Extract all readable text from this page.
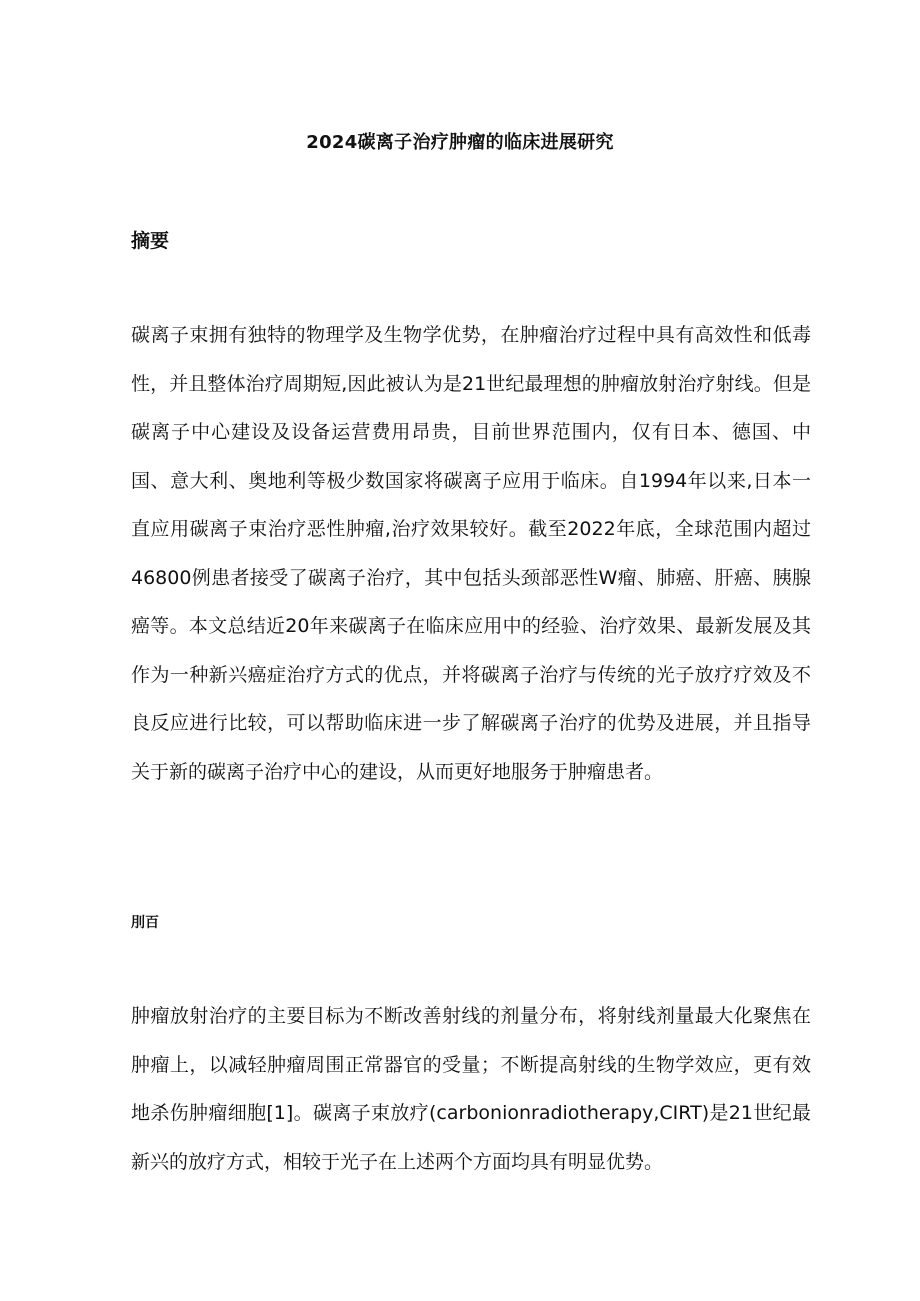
2024碳离子治疗肿瘤的临床进展研究
摘要

碳离子束拥有独特的物理学及生物学优势，在肿瘤治疗过程中具有高效性和低毒性，并且整体治疗周期短,因此被认为是21世纪最理想的肿瘤放射治疗射线。但是碳离子中心建设及设备运营费用昂贵，目前世界范围内，仅有日本、德国、中国、意大利、奥地利等极少数国家将碳离子应用于临床。自1994年以来,日本一直应用碳离子束治疗恶性肿瘤,治疗效果较好。截至2022年底，全球范围内超过46800例患者接受了碳离子治疗，其中包括头颈部恶性W瘤、肺癌、肝癌、胰腺癌等。本文总结近20年来碳离子在临床应用中的经验、治疗效果、最新发展及其作为一种新兴癌症治疗方式的优点，并将碳离子治疗与传统的光子放疗疗效及不良反应进行比较，可以帮助临床进一步了解碳离子治疗的优势及进展，并且指导关于新的碳离子治疗中心的建设，从而更好地服务于肿瘤患者。

刖百

肿瘤放射治疗的主要目标为不断改善射线的剂量分布，将射线剂量最大化聚焦在肿瘤上，以减轻肿瘤周围正常器官的受量；不断提高射线的生物学效应，更有效地杀伤肿瘤细胞[1]。碳离子束放疗(carbonionradiotherapy,CIRT)是21世纪最新兴的放疗方式，相较于光子在上述两个方面均具有明显优势。
